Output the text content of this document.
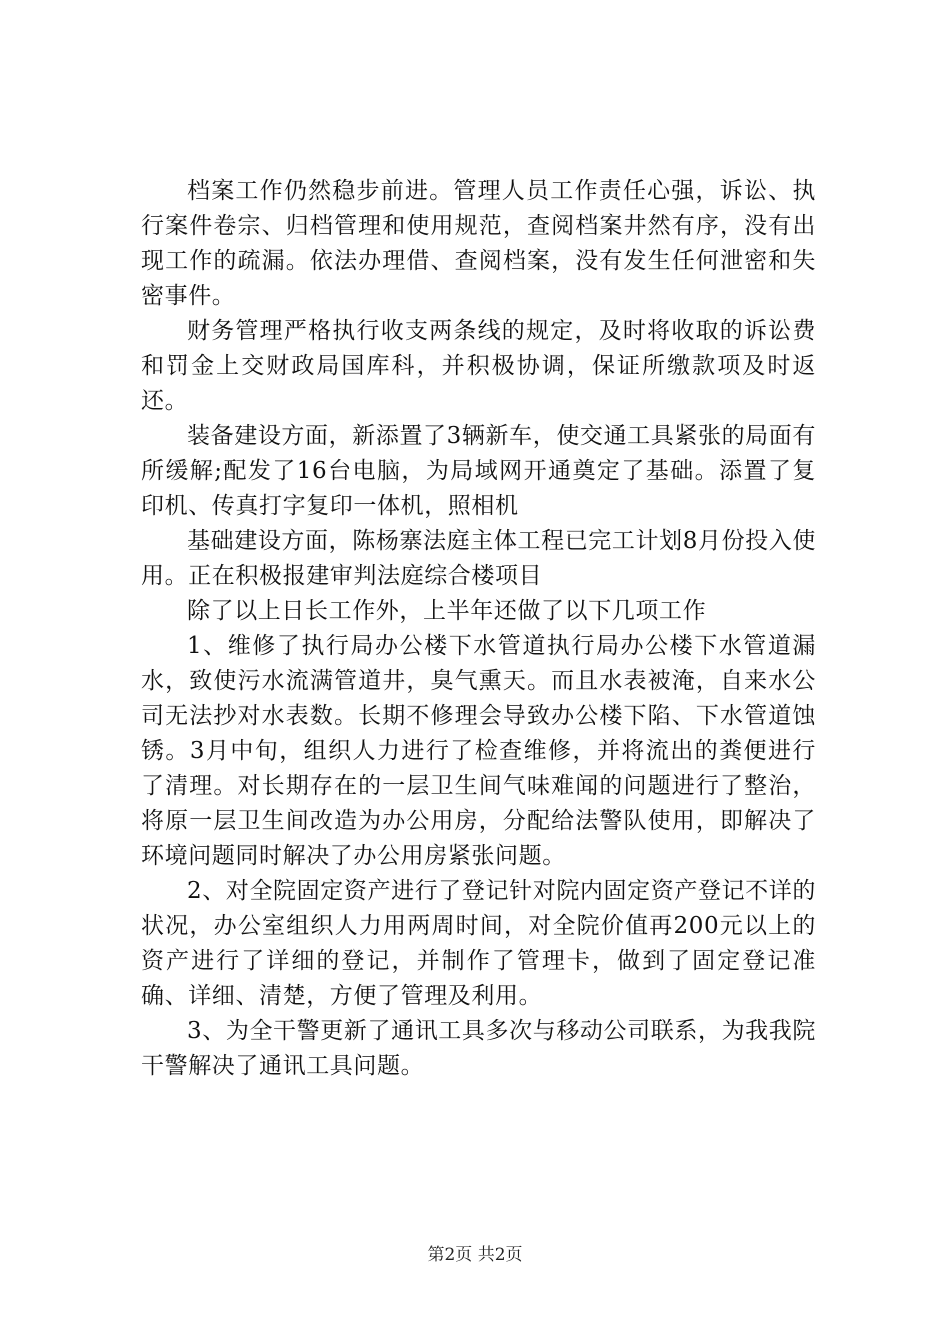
档案工作仍然稳步前进。管理人员工作责任心强，诉讼、执行案件卷宗、归档管理和使用规范，查阅档案井然有序，没有出现工作的疏漏。依法办理借、查阅档案，没有发生任何泄密和失密事件。

财务管理严格执行收支两条线的规定，及时将收取的诉讼费和罚金上交财政局国库科，并积极协调，保证所缴款项及时返还。

装备建设方面，新添置了3辆新车，使交通工具紧张的局面有所缓解;配发了16台电脑，为局域网开通奠定了基础。添置了复印机、传真打字复印一体机，照相机

基础建设方面，陈杨寨法庭主体工程已完工计划8月份投入使用。正在积极报建审判法庭综合楼项目

除了以上日长工作外，上半年还做了以下几项工作

1、维修了执行局办公楼下水管道执行局办公楼下水管道漏水，致使污水流满管道井，臭气熏天。而且水表被淹，自来水公司无法抄对水表数。长期不修理会导致办公楼下陷、下水管道蚀锈。3月中旬，组织人力进行了检查维修，并将流出的粪便进行了清理。对长期存在的一层卫生间气味难闻的问题进行了整治，将原一层卫生间改造为办公用房，分配给法警队使用，即解决了环境问题同时解决了办公用房紧张问题。

2、对全院固定资产进行了登记针对院内固定资产登记不详的状况，办公室组织人力用两周时间，对全院价值再200元以上的资产进行了详细的登记，并制作了管理卡，做到了固定登记准确、详细、清楚，方便了管理及利用。

3、为全干警更新了通讯工具多次与移动公司联系，为我我院干警解决了通讯工具问题。

第2页 共2页
